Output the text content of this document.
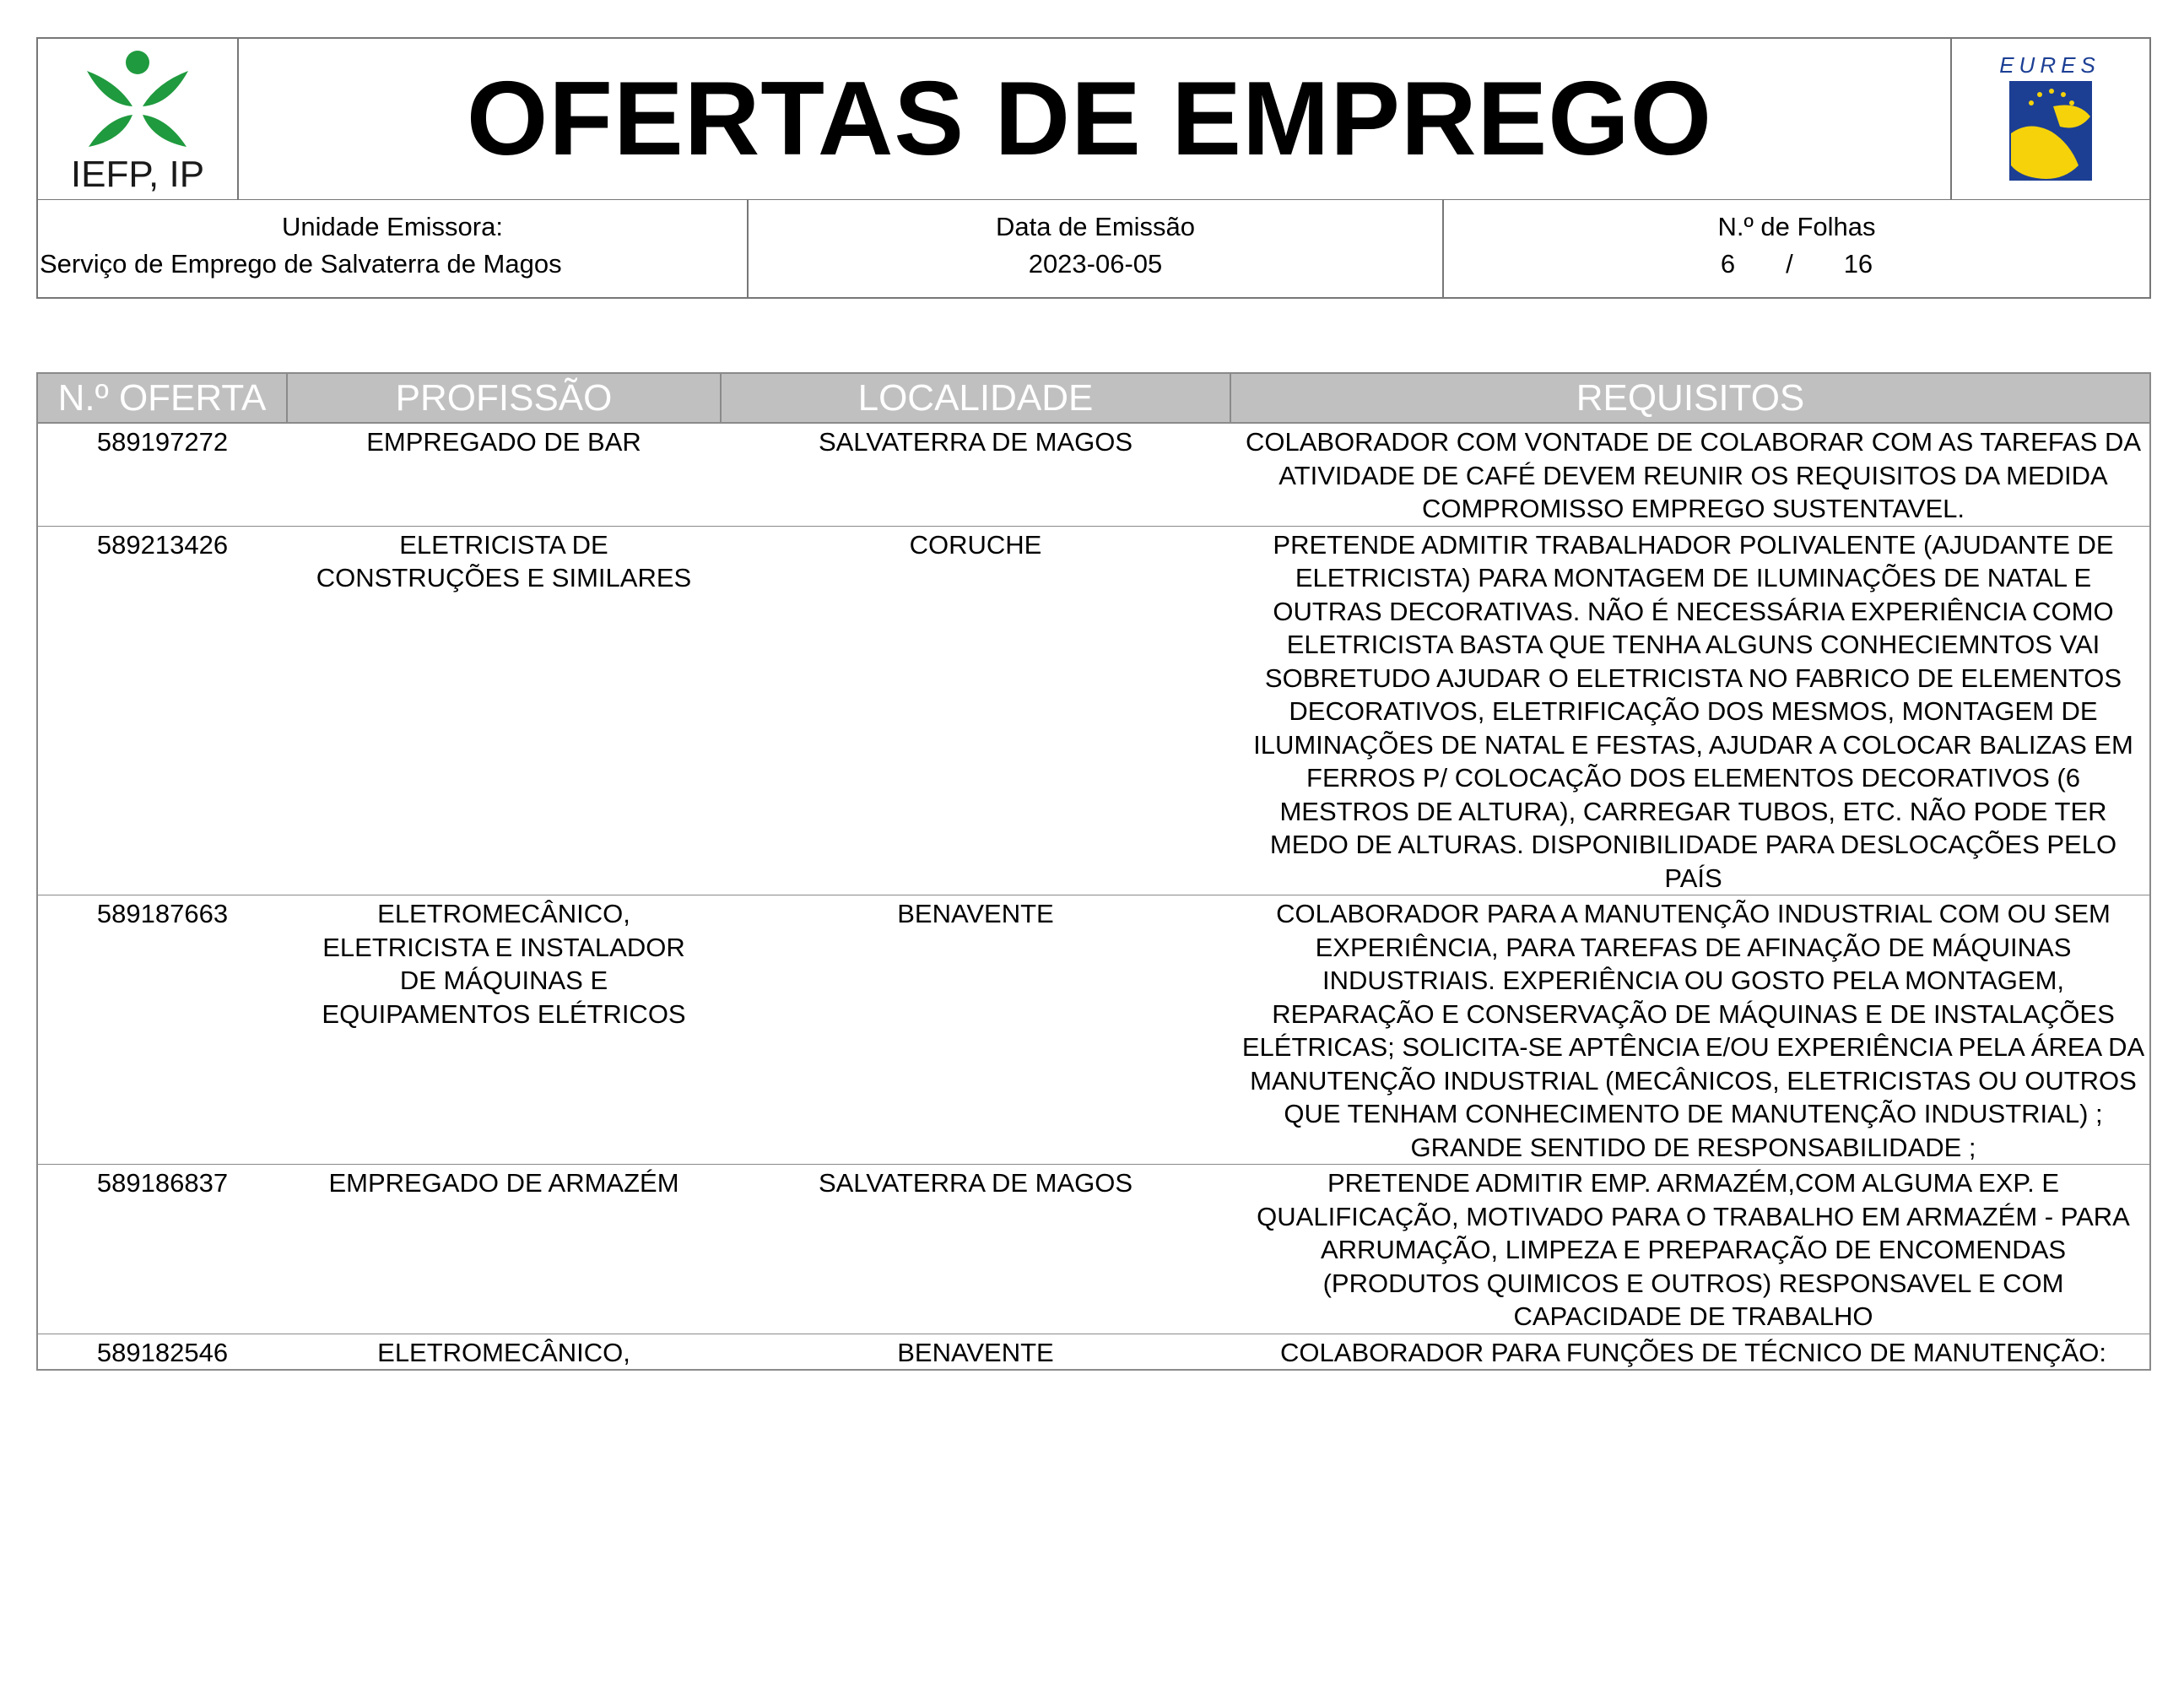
IEFP, IP	OFERTAS DE EMPREGO	EURES
Unidade Emissora:
Serviço de Emprego de Salvaterra de Magos
Data de Emissão
2023-06-05
N.º de Folhas
6 / 16
N.º OFERTA	PROFISSÃO	LOCALIDADE	REQUISITOS
589197272	EMPREGADO DE BAR	SALVATERRA DE MAGOS	COLABORADOR COM VONTADE DE COLABORAR COM AS TAREFAS DA ATIVIDADE DE CAFÉ DEVEM REUNIR OS REQUISITOS DA MEDIDA COMPROMISSO EMPREGO SUSTENTAVEL.

589213426	ELETRICISTA DE CONSTRUÇÕES E SIMILARES	CORUCHE	PRETENDE ADMITIR TRABALHADOR POLIVALENTE (AJUDANTE DE ELETRICISTA) PARA MONTAGEM DE ILUMINAÇÕES DE NATAL E OUTRAS DECORATIVAS. NÃO É NECESSÁRIA EXPERIÊNCIA COMO ELETRICISTA BASTA QUE TENHA ALGUNS CONHECIEMNTOS VAI SOBRETUDO AJUDAR O ELETRICISTA NO FABRICO DE ELEMENTOS DECORATIVOS, ELETRIFICAÇÃO DOS MESMOS, MONTAGEM DE ILUMINAÇÕES DE NATAL E FESTAS, AJUDAR A COLOCAR BALIZAS EM FERROS P/ COLOCAÇÃO DOS ELEMENTOS DECORATIVOS (6 MESTROS DE ALTURA), CARREGAR TUBOS, ETC. NÃO PODE TER MEDO DE ALTURAS. DISPONIBILIDADE PARA DESLOCAÇÕES PELO PAÍS

589187663	ELETROMECÂNICO, ELETRICISTA E INSTALADOR DE MÁQUINAS E EQUIPAMENTOS ELÉTRICOS	BENAVENTE	COLABORADOR PARA A MANUTENÇÃO INDUSTRIAL COM OU SEM EXPERIÊNCIA, PARA TAREFAS DE AFINAÇÃO DE MÁQUINAS INDUSTRIAIS. EXPERIÊNCIA OU GOSTO PELA MONTAGEM, REPARAÇÃO E CONSERVAÇÃO DE MÁQUINAS E DE INSTALAÇÕES ELÉTRICAS; SOLICITA-SE APTÊNCIA E/OU EXPERIÊNCIA PELA ÁREA DA MANUTENÇÃO INDUSTRIAL (MECÂNICOS, ELETRICISTAS OU OUTROS QUE TENHAM CONHECIMENTO DE MANUTENÇÃO INDUSTRIAL) ; GRANDE SENTIDO DE RESPONSABILIDADE ;

589186837	EMPREGADO DE ARMAZÉM	SALVATERRA DE MAGOS	PRETENDE ADMITIR EMP. ARMAZÉM,COM ALGUMA EXP. E QUALIFICAÇÃO, MOTIVADO PARA O TRABALHO EM ARMAZÉM - PARA ARRUMAÇÃO, LIMPEZA E PREPARAÇÃO DE ENCOMENDAS (PRODUTOS QUIMICOS E OUTROS) RESPONSAVEL E COM CAPACIDADE DE TRABALHO

589182546	ELETROMECÂNICO,	BENAVENTE	COLABORADOR PARA FUNÇÕES DE TÉCNICO DE MANUTENÇÃO:
